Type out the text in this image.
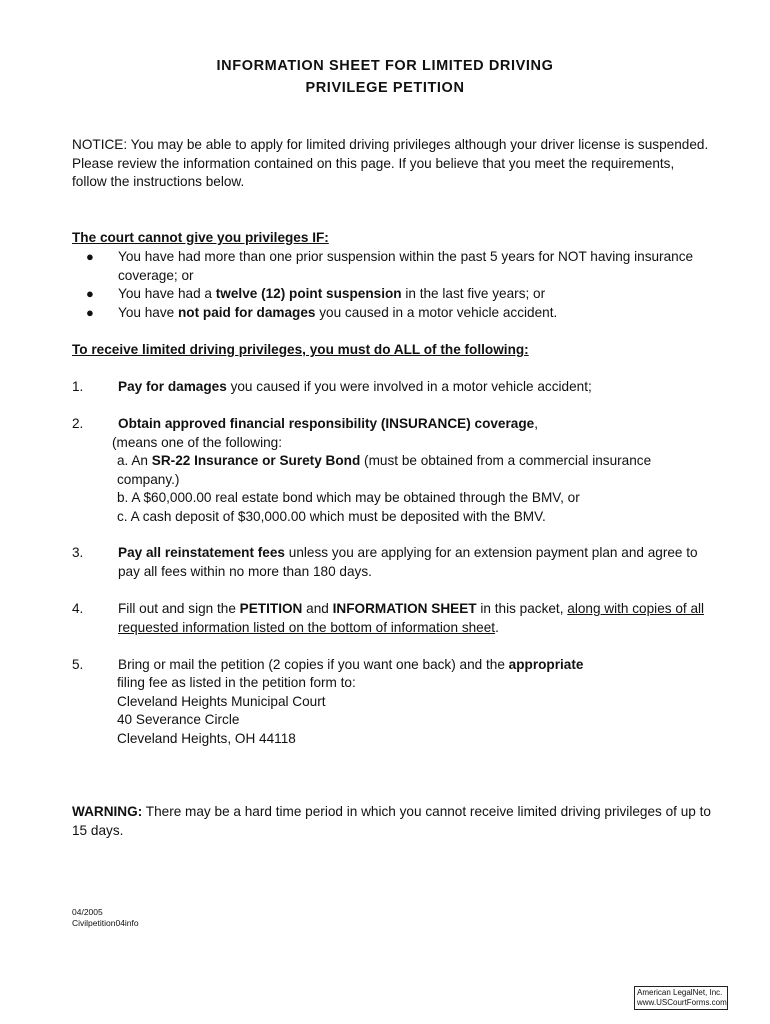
INFORMATION SHEET FOR LIMITED DRIVING
PRIVILEGE PETITION
NOTICE: You may be able to apply for limited driving privileges although your driver license is suspended. Please review the information contained on this page. If you believe that you meet the requirements, follow the instructions below.
The court cannot give you privileges IF:
● You have had more than one prior suspension within the past 5 years for NOT having insurance coverage; or
● You have had a twelve (12) point suspension in the last five years; or
● You have not paid for damages you caused in a motor vehicle accident.
To receive limited driving privileges, you must do ALL of the following:
1.	Pay for damages you caused if you were involved in a motor vehicle accident;
2.	Obtain approved financial responsibility (INSURANCE) coverage,
(means one of the following:
a. An SR-22 Insurance or Surety Bond (must be obtained from a commercial insurance company.)
b. A $60,000.00 real estate bond which may be obtained through the BMV, or
c. A cash deposit of $30,000.00 which must be deposited with the BMV.
3.	Pay all reinstatement fees unless you are applying for an extension payment plan and agree to pay all fees within no more than 180 days.
4.	Fill out and sign the PETITION and INFORMATION SHEET in this packet, along with copies of all requested information listed on the bottom of information sheet.
5.	Bring or mail the petition (2 copies if you want one back) and the appropriate
filing fee as listed in the petition form to:
Cleveland Heights Municipal Court
40 Severance Circle
Cleveland Heights, OH 44118
WARNING: There may be a hard time period in which you cannot receive limited driving privileges of up to 15 days.
04/2005
Civilpetition04info
American LegalNet, Inc.
www.USCourtForms.com
